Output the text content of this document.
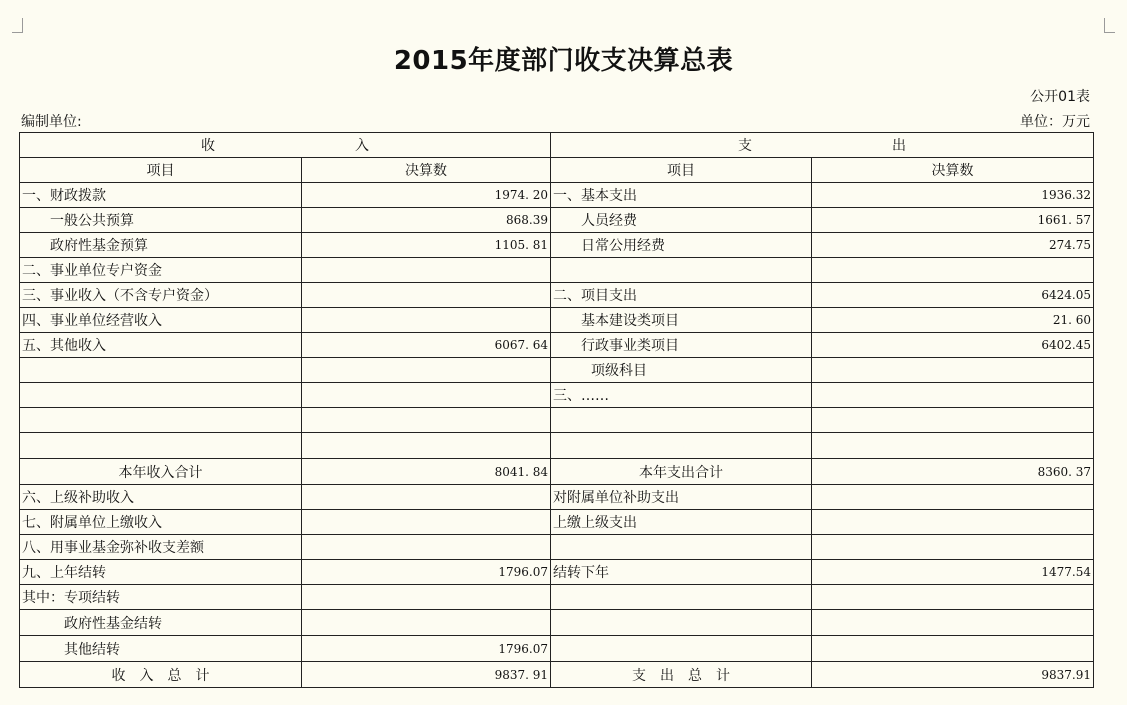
2015年度部门收支决算总表
公开01表
编制单位:	单位：万元
收　　　　　　　　　　入		支　　　　　　　　　　出	
项目	决算数	项目	决算数
一、财政拨款	1974. 20	一、基本支出	1936.32
一般公共预算	868.39	人员经费	1661. 57
政府性基金预算	1105. 81	日常公用经费	274.75
二、事业单位专户资金			
三、事业收入（不含专户资金）		二、项目支出	6424.05
四、事业单位经营收入		基本建设类项目	21. 60
五、其他收入	6067. 64	行政事业类项目	6402.45
		项级科目	
		三、……	

本年收入合计	8041. 84	本年支出合计	8360. 37
六、上级补助收入		对附属单位补助支出	
七、附属单位上缴收入		上缴上级支出	
八、用事业基金弥补收支差额			
九、上年结转	1796.07	结转下年	1477.54
其中：专项结转			
政府性基金结转			
其他结转	1796.07		
收　入　总　计	9837. 91	支　出　总　计	9837.91
